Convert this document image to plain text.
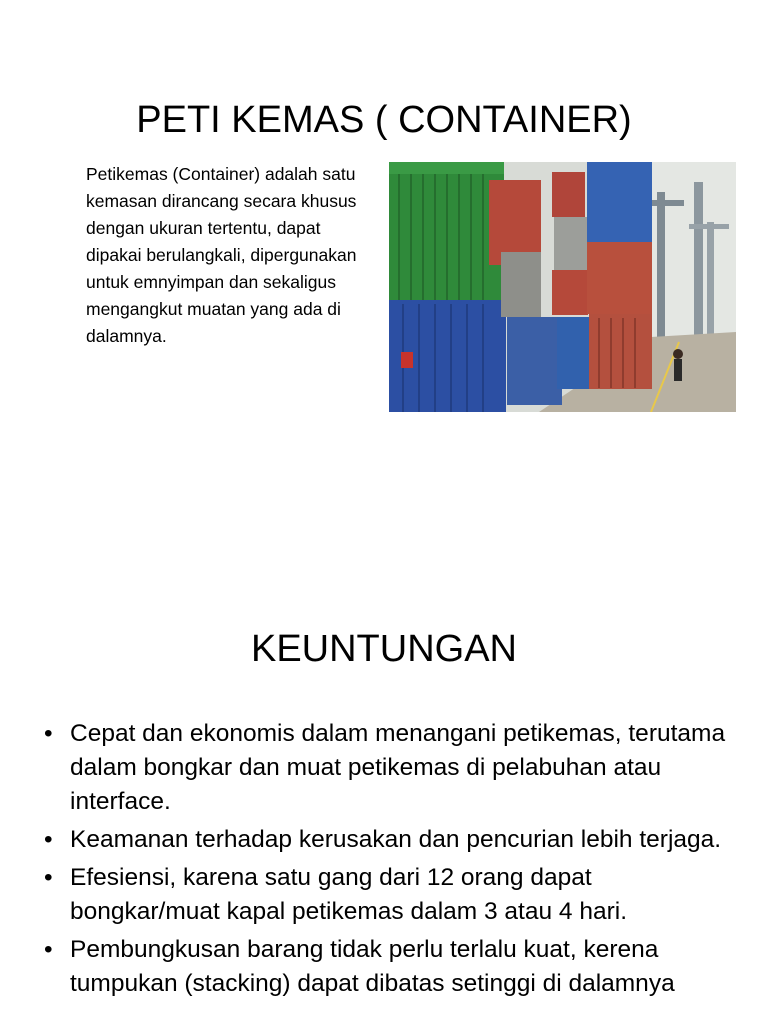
PETI KEMAS ( CONTAINER)

Petikemas (Container) adalah satu kemasan dirancang secara khusus dengan ukuran tertentu, dapat dipakai berulangkali, dipergunakan untuk emnyimpan dan sekaligus mengangkut muatan yang ada di dalamnya.

KEUNTUNGAN
• Cepat dan ekonomis dalam menangani petikemas, terutama dalam bongkar dan muat petikemas di pelabuhan atau interface.
• Keamanan terhadap kerusakan dan pencurian lebih terjaga.
• Efesiensi, karena satu gang dari 12 orang dapat bongkar/muat kapal petikemas dalam 3 atau 4 hari.
• Pembungkusan barang tidak perlu terlalu kuat, kerena tumpukan (stacking) dapat dibatas setinggi di dalamnya
